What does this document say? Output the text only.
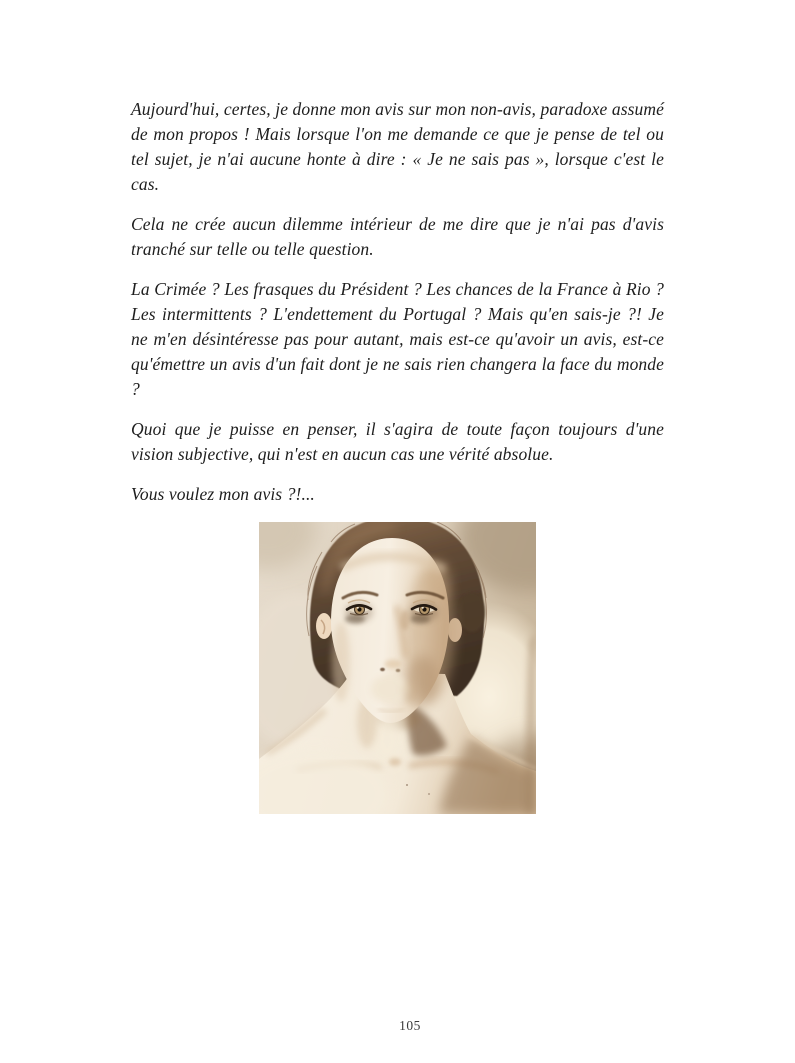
Aujourd'hui, certes, je donne mon avis sur mon non-avis, paradoxe assumé de mon propos ! Mais lorsque l'on me demande ce que je pense de tel ou tel sujet, je n'ai aucune honte à dire : « Je ne sais pas », lorsque c'est le cas.

Cela ne crée aucun dilemme intérieur de me dire que je n'ai pas d'avis tranché sur telle ou telle question.

La Crimée ? Les frasques du Président ? Les chances de la France à Rio ? Les intermittents ? L'endettement du Portugal ? Mais qu'en sais-je ?! Je ne m'en désintéresse pas pour autant, mais est-ce qu'avoir un avis, est-ce qu'émettre un avis d'un fait dont je ne sais rien changera la face du monde ?

Quoi que je puisse en penser, il s'agira de toute façon toujours d'une vision subjective, qui n'est en aucun cas une vérité absolue.

Vous voulez mon avis ?!...

105
